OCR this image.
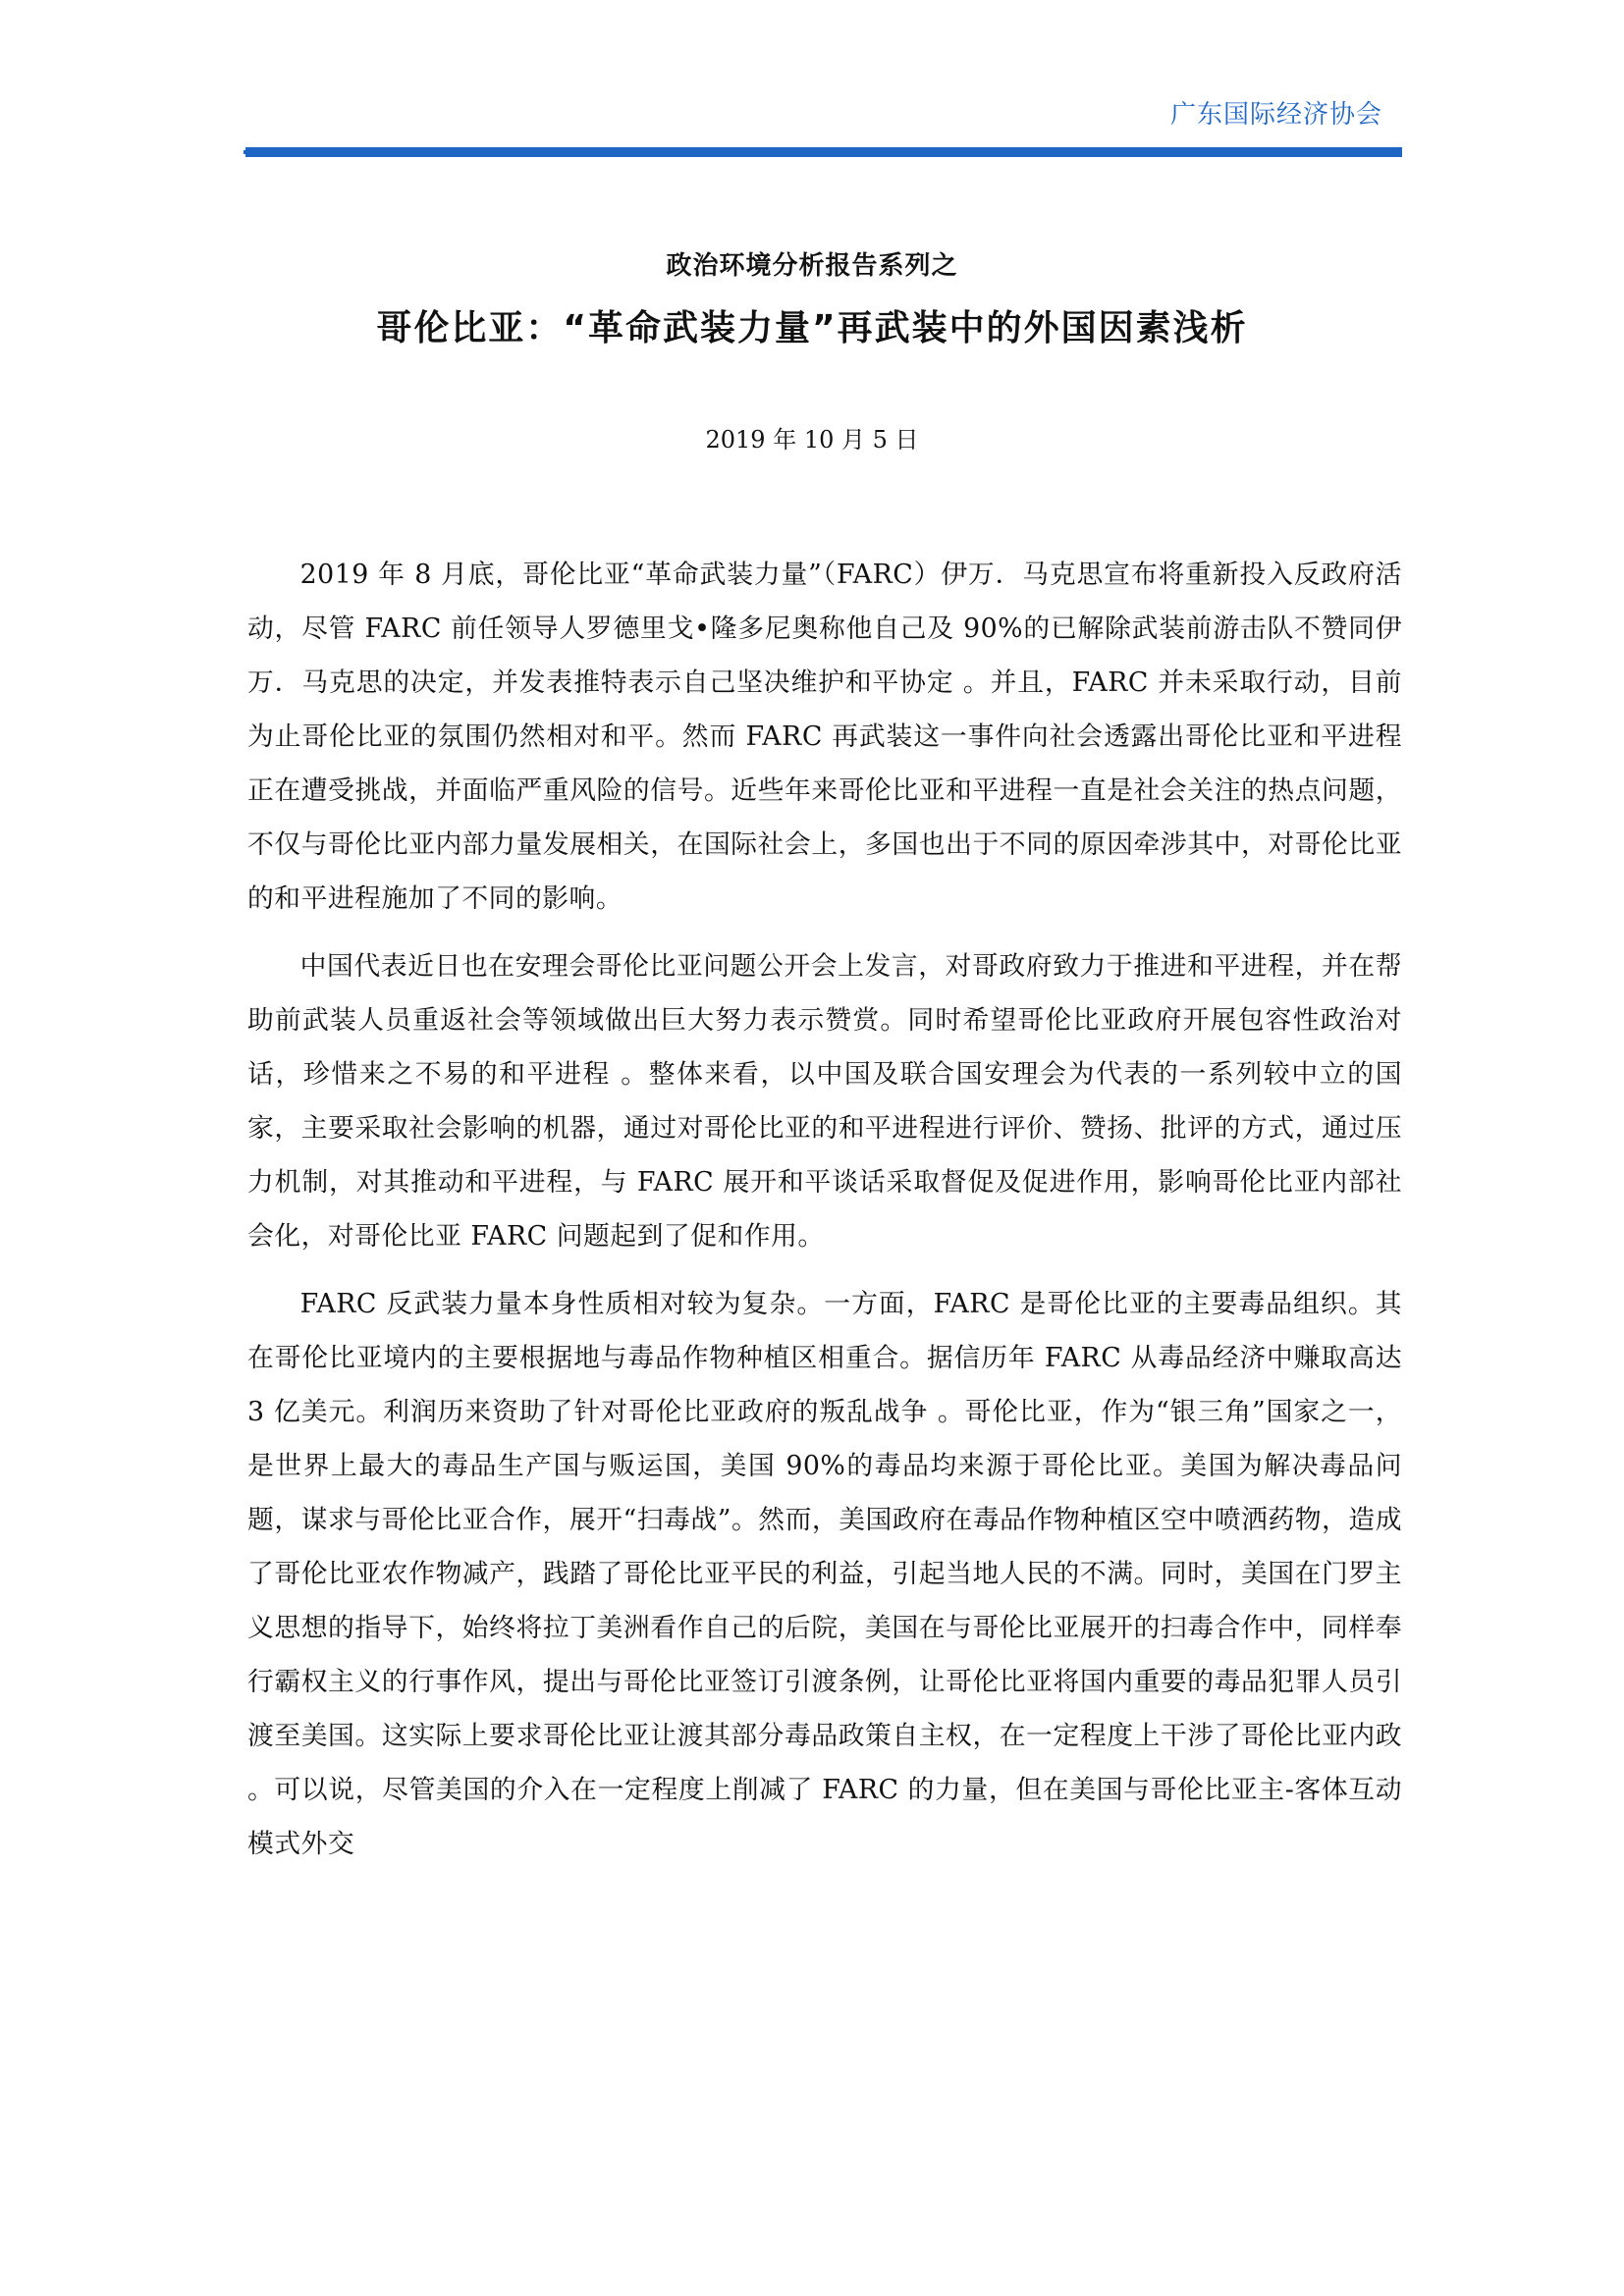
广东国际经济协会
政治环境分析报告系列之
哥伦比亚：“革命武装力量”再武装中的外国因素浅析
2019 年 10 月 5 日

2019 年 8 月底，哥伦比亚“革命武装力量”（FARC）伊万．马克思宣布将重新投入反政府活动，尽管 FARC 前任领导人罗德里戈•隆多尼奥称他自己及 90%的已解除武装前游击队不赞同伊万．马克思的决定，并发表推特表示自己坚决维护和平协定 。并且，FARC 并未采取行动，目前为止哥伦比亚的氛围仍然相对和平。然而 FARC 再武装这一事件向社会透露出哥伦比亚和平进程正在遭受挑战，并面临严重风险的信号。近些年来哥伦比亚和平进程一直是社会关注的热点问题，不仅与哥伦比亚内部力量发展相关，在国际社会上，多国也出于不同的原因牵涉其中，对哥伦比亚的和平进程施加了不同的影响。

中国代表近日也在安理会哥伦比亚问题公开会上发言，对哥政府致力于推进和平进程，并在帮助前武装人员重返社会等领域做出巨大努力表示赞赏。同时希望哥伦比亚政府开展包容性政治对话，珍惜来之不易的和平进程 。整体来看，以中国及联合国安理会为代表的一系列较中立的国家，主要采取社会影响的机器，通过对哥伦比亚的和平进程进行评价、赞扬、批评的方式，通过压力机制，对其推动和平进程，与 FARC 展开和平谈话采取督促及促进作用，影响哥伦比亚内部社会化，对哥伦比亚 FARC 问题起到了促和作用。

FARC 反武装力量本身性质相对较为复杂。一方面，FARC 是哥伦比亚的主要毒品组织。其在哥伦比亚境内的主要根据地与毒品作物种植区相重合。据信历年 FARC 从毒品经济中赚取高达 3 亿美元。利润历来资助了针对哥伦比亚政府的叛乱战争 。哥伦比亚，作为“银三角”国家之一，是世界上最大的毒品生产国与贩运国，美国 90%的毒品均来源于哥伦比亚。美国为解决毒品问题，谋求与哥伦比亚合作，展开“扫毒战”。然而，美国政府在毒品作物种植区空中喷洒药物，造成了哥伦比亚农作物减产，践踏了哥伦比亚平民的利益，引起当地人民的不满。同时，美国在门罗主义思想的指导下，始终将拉丁美洲看作自己的后院，美国在与哥伦比亚展开的扫毒合作中，同样奉行霸权主义的行事作风，提出与哥伦比亚签订引渡条例，让哥伦比亚将国内重要的毒品犯罪人员引渡至美国。这实际上要求哥伦比亚让渡其部分毒品政策自主权，在一定程度上干涉了哥伦比亚内政 。可以说，尽管美国的介入在一定程度上削减了 FARC 的力量，但在美国与哥伦比亚主-客体互动模式外交
